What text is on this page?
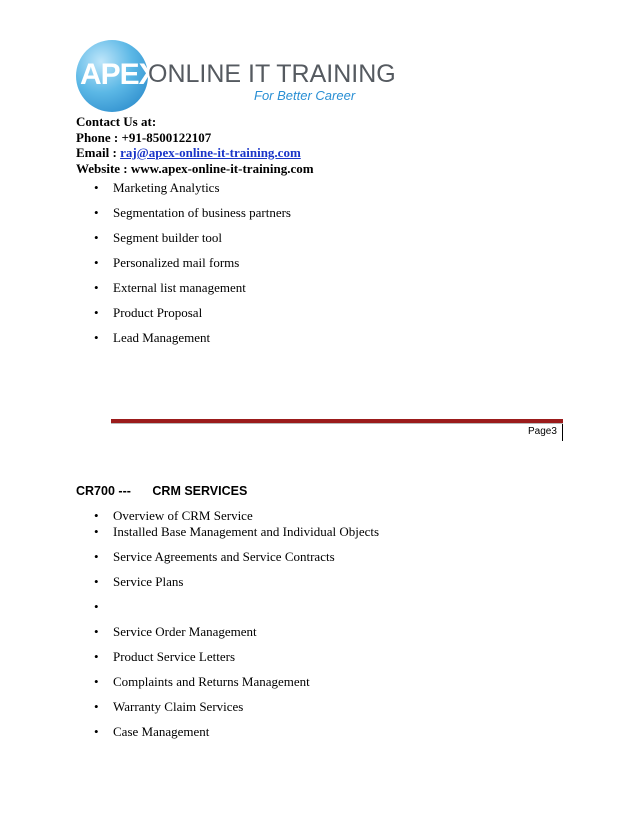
APEX
ONLINE IT TRAINING
For Better Career
Contact Us at:
Phone : +91-8500122107
Email : raj@apex-online-it-training.com
Website : www.apex-online-it-training.com
• Marketing Analytics
• Segmentation of business partners
• Segment builder tool
• Personalized mail forms
• External list management
• Product Proposal
• Lead Management
Page3
CR700 --- CRM SERVICES
• Overview of CRM Service
• Installed Base Management and Individual Objects
• Service Agreements and Service Contracts
• Service Plans
•
• Service Order Management
• Product Service Letters
• Complaints and Returns Management
• Warranty Claim Services
• Case Management
